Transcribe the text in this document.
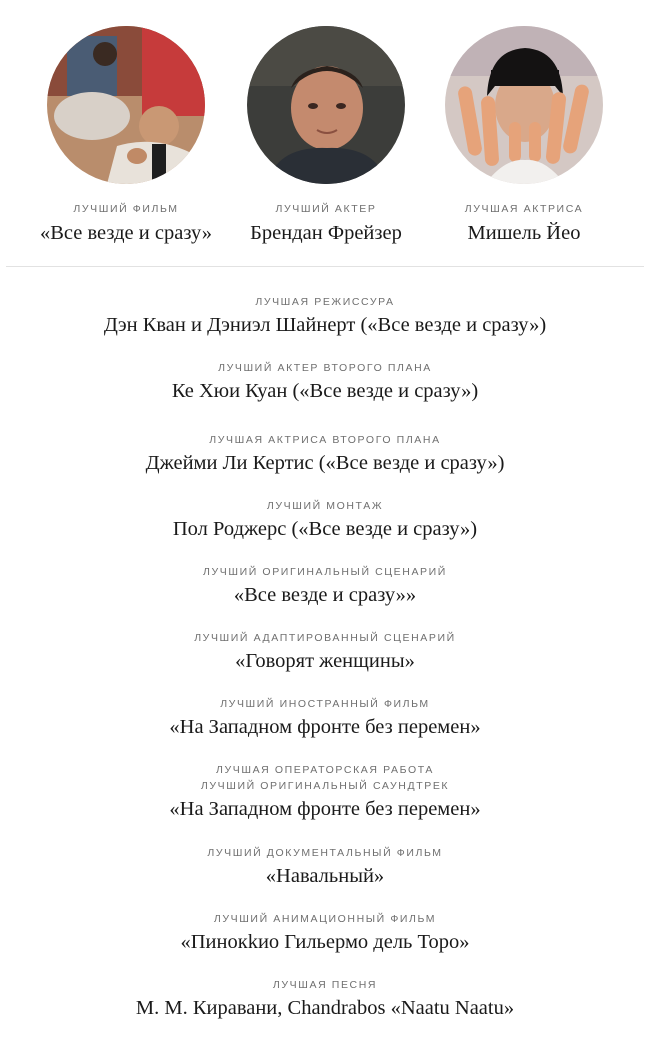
ЛУЧШИЙ ФИЛЬМ
«Все везде и сразу»
ЛУЧШИЙ АКТЕР
Брендан Фрейзер
ЛУЧШАЯ АКТРИСА
Мишель Йео
ЛУЧШАЯ РЕЖИССУРА
Дэн Кван и Дэниэл Шайнерт («Все везде и сразу»)
ЛУЧШИЙ АКТЕР ВТОРОГО ПЛАНА
Ке Хюи Куан («Все везде и сразу»)
ЛУЧШАЯ АКТРИСА ВТОРОГО ПЛАНА
Джейми Ли Кертис («Все везде и сразу»)
ЛУЧШИЙ МОНТАЖ
Пол Роджерс («Все везде и сразу»)
ЛУЧШИЙ ОРИГИНАЛЬНЫЙ СЦЕНАРИЙ
«Все везде и сразу»»
ЛУЧШИЙ АДАПТИРОВАННЫЙ СЦЕНАРИЙ
«Говорят женщины»
ЛУЧШИЙ ИНОСТРАННЫЙ ФИЛЬМ
«На Западном фронте без перемен»
ЛУЧШАЯ ОПЕРАТОРСКАЯ РАБОТА
ЛУЧШИЙ ОРИГИНАЛЬНЫЙ САУНДТРЕК
«На Западном фронте без перемен»
ЛУЧШИЙ ДОКУМЕНТАЛЬНЫЙ ФИЛЬМ
«Навальный»
ЛУЧШИЙ АНИМАЦИОННЫЙ ФИЛЬМ
«Пинокkио Гильермо дель Торо»
ЛУЧШАЯ ПЕСНЯ
М. М. Киравани, Chandrabos «Naatu Naatu»
